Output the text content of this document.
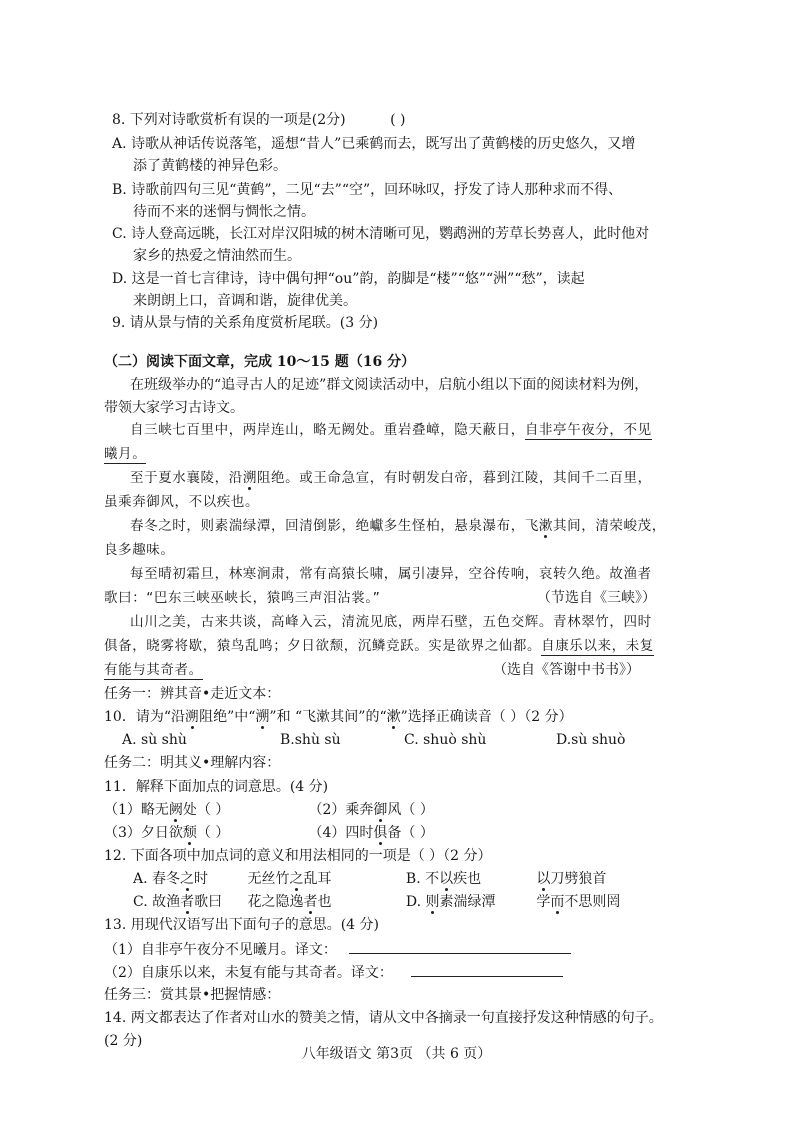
8. 下列对诗歌赏析有误的一项是(2分)	( )
A. 诗歌从神话传说落笔，遥想“昔人”已乘鹤而去，既写出了黄鹤楼的历史悠久，又增
添了黄鹤楼的神异色彩。
B. 诗歌前四句三见“黄鹤”，二见“去”“空”，回环咏叹，抒发了诗人那种求而不得、
待而不来的迷惘与惆怅之情。
C. 诗人登高远眺，长江对岸汉阳城的树木清晰可见，鹦鹉洲的芳草长势喜人，此时他对
家乡的热爱之情油然而生。
D. 这是一首七言律诗，诗中偶句押“ou”韵，韵脚是“楼”“悠”“洲”“愁”，读起
来朗朗上口，音调和谐，旋律优美。
9. 请从景与情的关系角度赏析尾联。(3 分)
（二）阅读下面文章，完成 10～15 题（16 分）
在班级举办的“追寻古人的足迹”群文阅读活动中，启航小组以下面的阅读材料为例，
带领大家学习古诗文。
自三峡七百里中，两岸连山，略无阙处。重岩叠嶂，隐天蔽日，自非亭午夜分，不见
曦月。
至于夏水襄陵，沿溯阻绝。或王命急宣，有时朝发白帝，暮到江陵，其间千二百里，
虽乘奔御风，不以疾也。
春冬之时，则素湍绿潭，回清倒影，绝巘多生怪柏，悬泉瀑布，飞漱其间，清荣峻茂，
良多趣味。
每至晴初霜旦，林寒涧肃，常有高猿长啸，属引凄异，空谷传响，哀转久绝。故渔者
歌曰：“巴东三峡巫峡长，猿鸣三声泪沾裳。”	（节选自《三峡》）
山川之美，古来共谈，高峰入云，清流见底，两岸石壁，五色交辉。青林翠竹，四时
俱备，晓雾将歇，猿鸟乱鸣；夕日欲颓，沉鳞竞跃。实是欲界之仙都。自康乐以来，未复
有能与其奇者。	（选自《答谢中书书》）
任务一：辨其音•走近文本：
10．请为“沿溯阻绝”中“溯”和 “飞漱其间”的“漱”选择正确读音（ ）（2 分）
A. sù shù	B.shù sù	C. shuò shù	D.sù shuò
任务二：明其义•理解内容：
11．解释下面加点的词意思。(4 分)
（1）略无阙处（ ）	（2）乘奔御风（ ）
（3）夕日欲颓（ ）	（4）四时俱备（ ）
12. 下面各项中加点词的意义和用法相同的一项是（ ）（2 分）
A. 春冬之时	无丝竹之乱耳	B. 不以疾也	以刀劈狼首
C. 故渔者歌曰 花之隐逸者也	D. 则素湍绿潭	学而不思则罔
13. 用现代汉语写出下面句子的意思。(4 分)
（1）自非亭午夜分不见曦月。译文：
（2）自康乐以来，未复有能与其奇者。译文：
任务三：赏其景•把握情感：
14. 两文都表达了作者对山水的赞美之情，请从文中各摘录一句直接抒发这种情感的句子。
(2 分)
八年级语文 第3页 （共 6 页）
